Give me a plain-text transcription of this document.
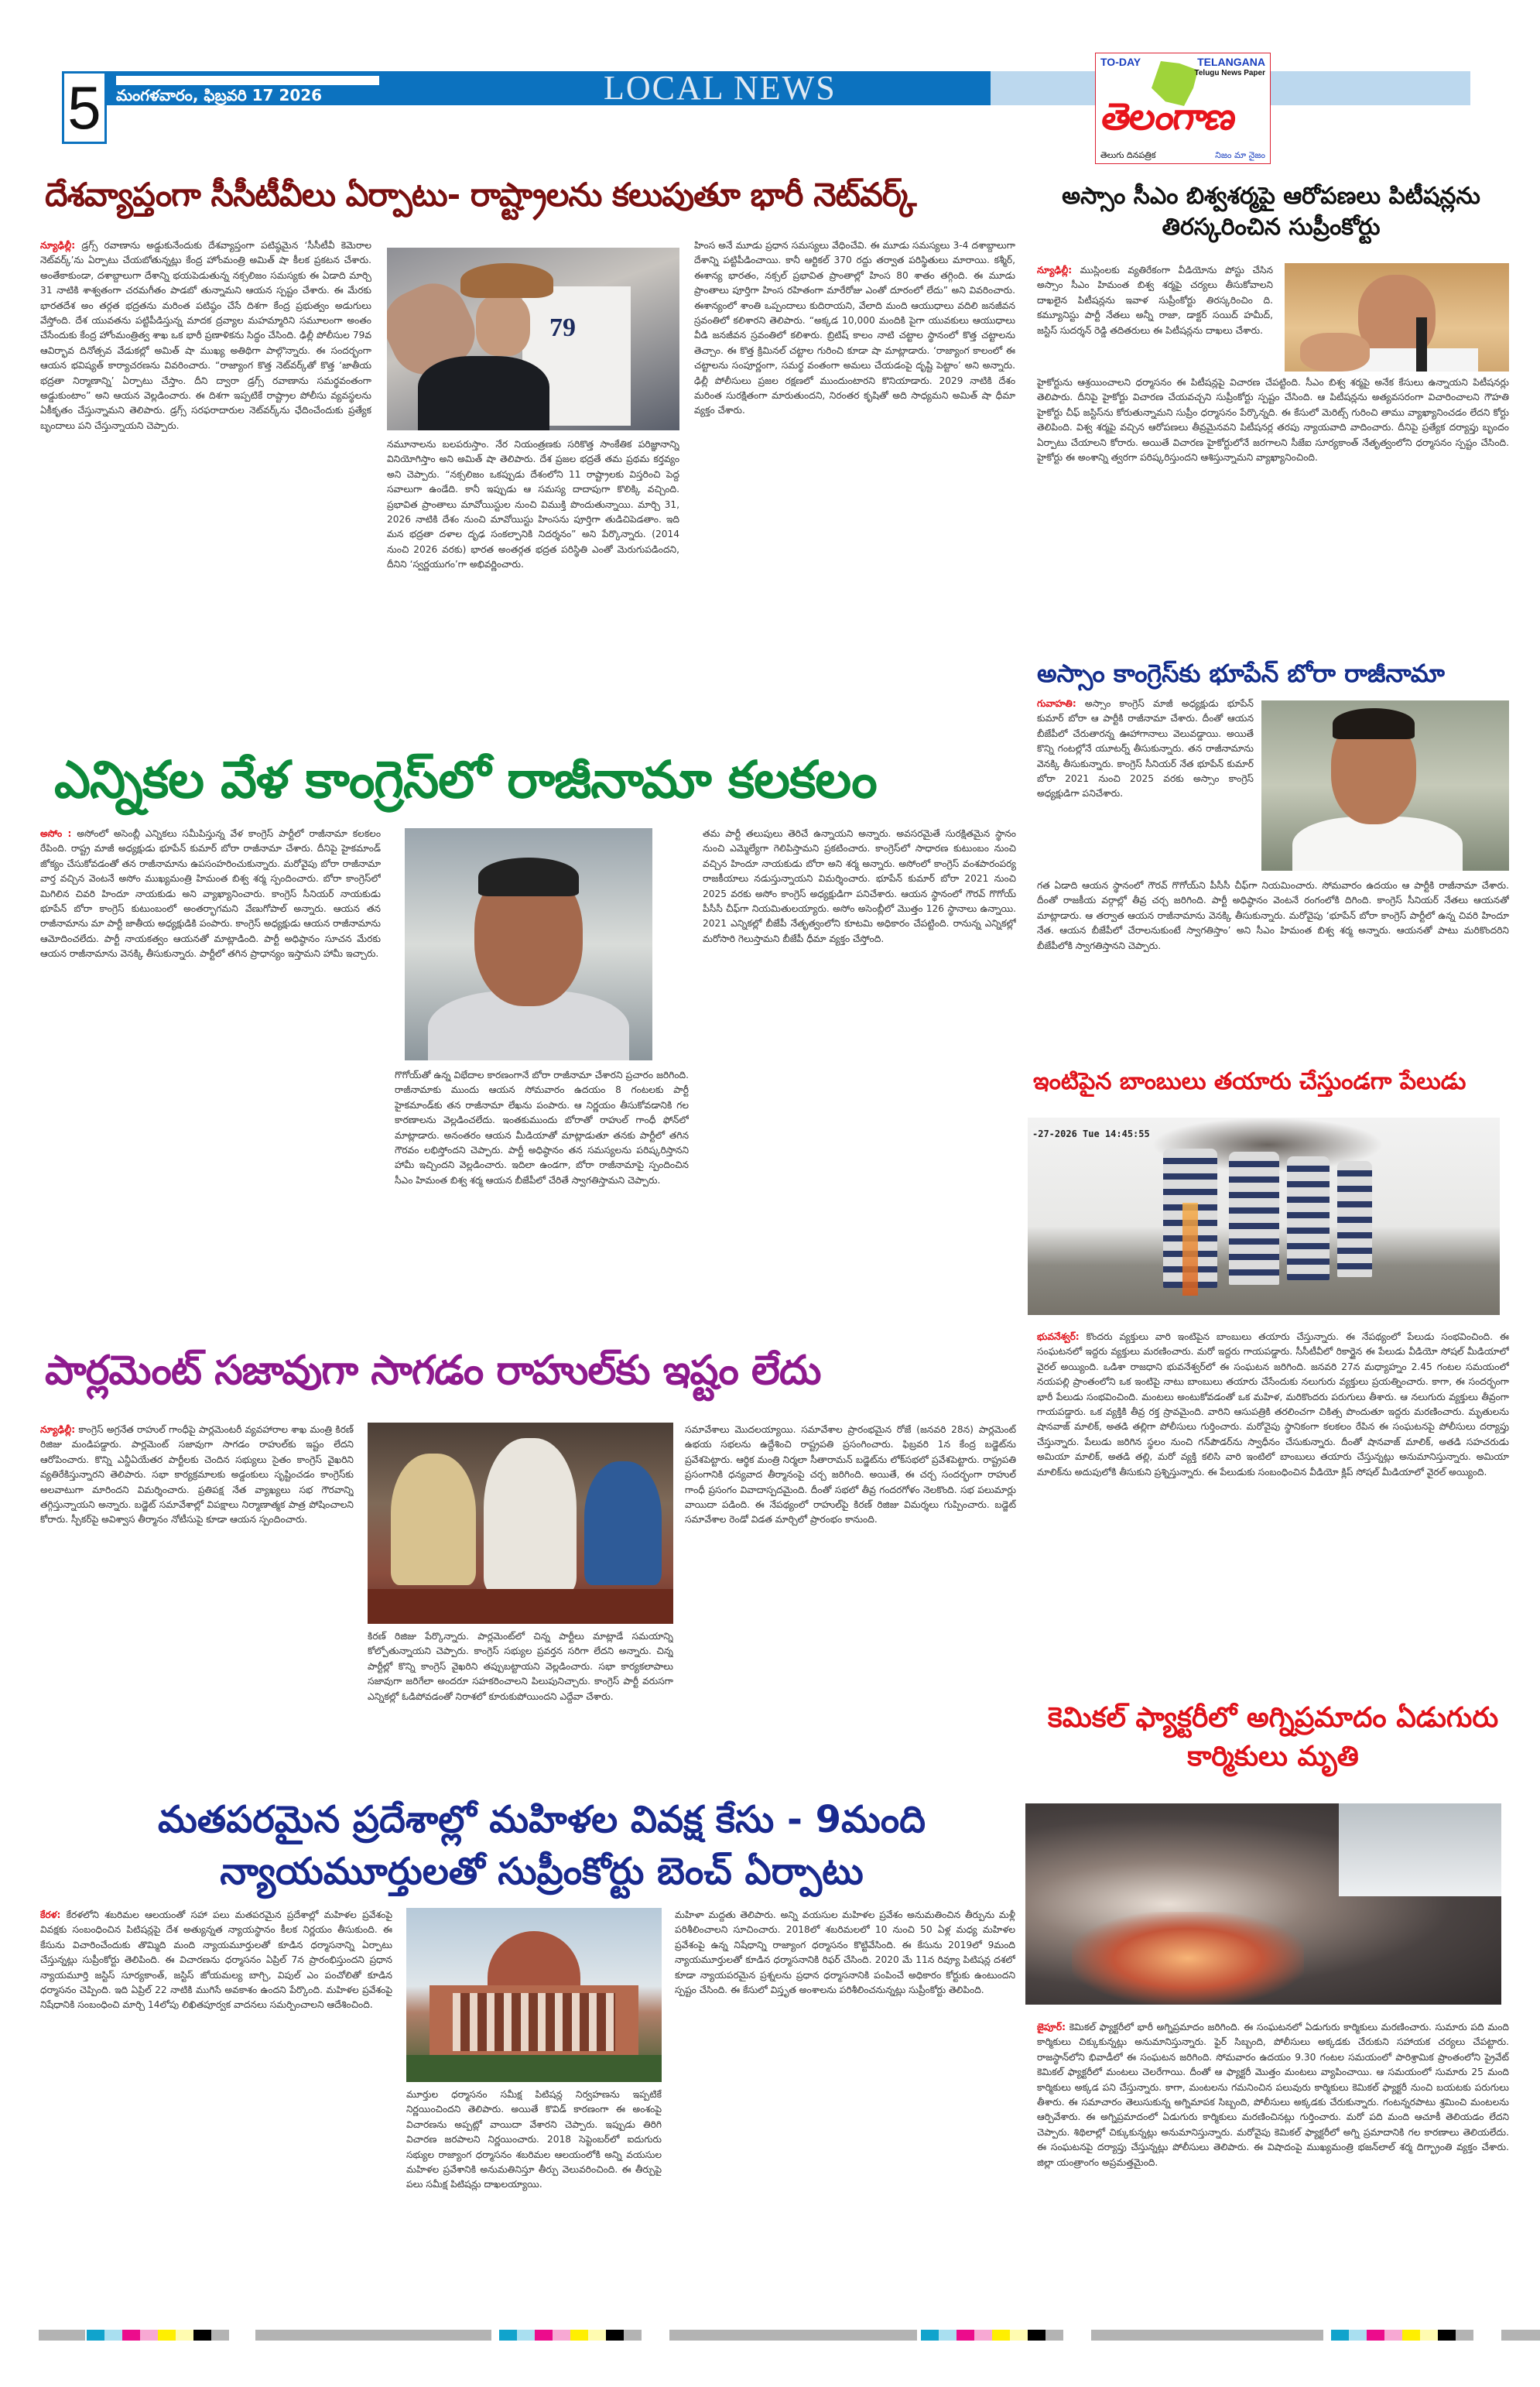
5 మంగళవారం, ఫిబ్రవరి 17 2026	LOCAL NEWS
TO-DAY	TELANGANA
Telugu News Paper
తెలంగాణ
తెలుగు దినపత్రిక	నిజం మా నైజం
దేశవ్యాప్తంగా సీసీటీవీలు ఏర్పాటు- రాష్ట్రాలను కలుపుతూ భారీ నెట్‌వర్క్
న్యూఢిల్లీ: డ్రగ్స్ రవాణాను అడ్డుకునేందుకు దేశవ్యాప్తంగా పటిష్ఠమైన ‘సీసీటీవీ కెమెరాల నెట్‌వర్క్’ను ఏర్పాటు చేయబోతున్నట్లు కేంద్ర హోంమంత్రి అమిత్ షా కీలక ప్రకటన చేశారు. అంతేకాకుండా, దశాబ్దాలుగా దేశాన్ని భయపెడుతున్న నక్సలిజం సమస్యకు ఈ ఏడాది మార్చి 31 నాటికి శాశ్వతంగా చరమగీతం పాడబో తున్నామని ఆయన స్పష్టం చేశారు. ఈ మేరకు భారతదేశ అం తర్గత భద్రతను మరింత పటిష్ఠం చేసే దిశగా కేంద్ర ప్రభుత్వం అడుగులు వేస్తోంది. దేశ యువతను పట్టిపీడిస్తున్న మాదక ద్రవ్యాల మహమ్మారిని సమూలంగా అంతం చేసేందుకు కేంద్ర హోంమంత్రిత్వ శాఖ ఒక భారీ ప్రణాళికను సిద్ధం చేసింది. ఢిల్లీ పోలీసుల 79వ ఆవిర్భావ దినోత్సవ వేడుకల్లో అమిత్ షా ముఖ్య అతిథిగా పాల్గొన్నారు. ఈ సందర్భంగా ఆయన భవిష్యత్ కార్యాచరణను వివరించారు. “రాజ్యాంగ కొత్త నెట్‌వర్క్‌తో కొత్త ‘జాతీయ భద్రతా నిర్మాణాన్ని’ ఏర్పాటు చేస్తాం. దీని ద్వారా డ్రగ్స్ రవాణాను సమర్థవంతంగా అడ్డుకుంటాం” అని ఆయన వెల్లడించారు. ఈ దిశగా ఇప్పటికే రాష్ట్రాల పోలీసు వ్యవస్థలను ఏకీకృతం చేస్తున్నామని తెలిపారు. డ్రగ్స్ సరఫరాదారుల నెట్‌వర్క్‌ను ఛేదించేందుకు ప్రత్యేక బృందాలు పని చేస్తున్నాయని చెప్పారు.
79
నమూనాలను బలపరుస్తాం. నేర నియంత్రణకు సరికొత్త సాంకేతిక పరిజ్ఞానాన్ని వినియోగిస్తాం అని అమిత్ షా తెలిపారు. దేశ ప్రజల భద్రతే తమ ప్రథమ కర్తవ్యం అని చెప్పారు. “నక్సలిజం ఒకప్పుడు దేశంలోని 11 రాష్ట్రాలకు విస్తరించి పెద్ద సవాలుగా ఉండేది. కానీ ఇప్పుడు ఆ సమస్య దాదాపుగా కొలిక్కి వచ్చింది. ప్రభావిత ప్రాంతాలు మావోయిస్టుల నుంచి విముక్తి పొందుతున్నాయి. మార్చి 31, 2026 నాటికి దేశం నుంచి మావోయిస్టు హింసను పూర్తిగా తుడిచిపెడతాం. ఇది మన భద్రతా దళాల దృఢ సంకల్పానికి నిదర్శనం” అని పేర్కొన్నారు. (2014 నుంచి 2026 వరకు) భారత అంతర్గత భద్రత పరిస్థితి ఎంతో మెరుగుపడిందని, దీనిని ‘స్వర్ణయుగం’గా అభివర్ణించారు.
హింస అనే మూడు ప్రధాన సమస్యలు వేధించేవి. ఈ మూడు సమస్యలు 3-4 దశాబ్దాలుగా దేశాన్ని పట్టిపీడించాయి. కానీ ఆర్టికల్ 370 రద్దు తర్వాత పరిస్థితులు మారాయి. కశ్మీర్, ఈశాన్య భారతం, నక్సల్ ప్రభావిత ప్రాంతాల్లో హింస 80 శాతం తగ్గింది. ఈ మూడు ప్రాంతాలు పూర్తిగా హింస రహితంగా మారేరోజు ఎంతో దూరంలో లేదు” అని వివరించారు. ఈశాన్యంలో శాంతి ఒప్పందాలు కుదిరాయని, వేలాది మంది ఆయుధాలు వదిలి జనజీవన స్రవంతిలో కలిశారని తెలిపారు. “అక్కడ 10,000 మందికి పైగా యువకులు ఆయుధాలు వీడి జనజీవన స్రవంతిలో కలిశారు. బ్రిటిష్ కాలం నాటి చట్టాల స్థానంలో కొత్త చట్టాలను తెచ్చాం. ఈ కొత్త క్రిమినల్ చట్టాల గురించి కూడా షా మాట్లాడారు. ‘రాజ్యాంగ కాలంలో ఈ చట్టాలను సంపూర్ణంగా, సమర్థ వంతంగా అమలు చేయడంపై దృష్టి పెట్టాం’ అని అన్నారు. ఢిల్లీ పోలీసులు ప్రజల రక్షణలో ముందుంటారని కొనియాడారు. 2029 నాటికి దేశం మరింత సురక్షితంగా మారుతుందని, నిరంతర కృషితో అది సాధ్యమని అమిత్ షా ధీమా వ్యక్తం చేశారు.
అస్సాం సీఎం బిశ్వశర్మపై ఆరోపణలు పిటీషన్లను తిరస్కరించిన సుప్రీంకోర్టు
న్యూఢిల్లీ: ముస్లింలకు వ్యతిరేకంగా వీడియోను పోస్టు చేసిన అస్సాం సీఎం హిమంత బిశ్వ శర్మపై చర్యలు తీసుకోవాలని దాఖలైన పిటీషన్లను ఇవాళ సుప్రీంకోర్టు తిరస్కరించిం ది. కమ్యూనిస్టు పార్టీ నేతలు అన్నీ రాజా, డాక్టర్ సయిద్ హమీద్, జస్టిస్ సుదర్శన్ రెడ్డి తదితరులు ఈ పిటీషన్లను దాఖలు చేశారు.
హైకోర్టును ఆశ్రయించాలని ధర్మాసనం ఈ పిటీషన్లపై విచారణ చేపట్టింది. సీఎం బిశ్వ శర్మపై అనేక కేసులు ఉన్నాయని పిటీషనర్లు తెలిపారు. దీనిపై హైకోర్టు విచారణ చేయవచ్చని సుప్రీంకోర్టు స్పష్టం చేసింది. ఆ పిటీషన్లను అత్యవసరంగా విచారించాలని గౌహతి హైకోర్టు చీఫ్ జస్టిస్‌ను కోరుతున్నామని సుప్రీం ధర్మాసనం పేర్కొన్నది. ఈ కేసులో మెరిట్స్ గురించి తాము వ్యాఖ్యానించడం లేదని కోర్టు తెలిపింది. విశ్వ శర్మపై వచ్చిన ఆరోపణలు తీవ్రమైనవని పిటీషనర్ల తరపు న్యాయవాది వాదించారు. దీనిపై ప్రత్యేక దర్యాప్తు బృందం ఏర్పాటు చేయాలని కోరారు. అయితే విచారణ హైకోర్టులోనే జరగాలని సీజేఐ సూర్యకాంత్ నేతృత్వంలోని ధర్మాసనం స్పష్టం చేసింది. హైకోర్టు ఈ అంశాన్ని త్వరగా పరిష్కరిస్తుందని ఆశిస్తున్నామని వ్యాఖ్యానించింది.
అస్సాం కాంగ్రెస్‌కు భూపేన్ బోరా రాజీనామా
గువాహతి: అస్సాం కాంగ్రెస్ మాజీ అధ్యక్షుడు భూపేన్ కుమార్ బోరా ఆ పార్టీకి రాజీనామా చేశారు. దీంతో ఆయన బీజేపీలో చేరుతారన్న ఊహాగానాలు వెలువడ్డాయి. అయితే కొన్ని గంటల్లోనే యూటర్న్ తీసుకున్నారు. తన రాజీనామాను వెనక్కి తీసుకున్నారు. కాంగ్రెస్ సీనియర్ నేత భూపేన్ కుమార్ బోరా 2021 నుంచి 2025 వరకు అస్సాం కాంగ్రెస్ అధ్యక్షుడిగా పనిచేశారు.
గత ఏడాది ఆయన స్థానంలో గౌరవ్ గొగోయ్‌ని పీసీసీ చీఫ్‌గా నియమించారు. సోమవారం ఉదయం ఆ పార్టీకి రాజీనామా చేశారు. దీంతో రాజకీయ వర్గాల్లో తీవ్ర చర్చ జరిగింది. పార్టీ అధిష్ఠానం వెంటనే రంగంలోకి దిగింది. కాంగ్రెస్ సీనియర్ నేతలు ఆయనతో మాట్లాడారు. ఆ తర్వాత ఆయన రాజీనామాను వెనక్కి తీసుకున్నారు. మరోవైపు ‘భూపేన్ బోరా కాంగ్రెస్ పార్టీలో ఉన్న చివరి హిందూ నేత. ఆయన బీజేపీలో చేరాలనుకుంటే స్వాగతిస్తాం’ అని సీఎం హిమంత బిశ్వ శర్మ అన్నారు. ఆయనతో పాటు మరికొందరిని బీజేపీలోకి స్వాగతిస్తానని చెప్పారు.
ఎన్నికల వేళ కాంగ్రెస్‌లో రాజీనామా కలకలం
అసోం : అసోంలో అసెంబ్లీ ఎన్నికలు సమీపిస్తున్న వేళ కాంగ్రెస్ పార్టీలో రాజీనామా కలకలం రేపింది. రాష్ట్ర మాజీ అధ్యక్షుడు భూపేన్ కుమార్ బోరా రాజీనామా చేశారు. దీనిపై హైకమాండ్ జోక్యం చేసుకోవడంతో తన రాజీనామాను ఉపసంహరించుకున్నారు. మరోవైపు బోరా రాజీనామా వార్త వచ్చిన వెంటనే అసోం ముఖ్యమంత్రి హిమంత బిశ్వ శర్మ స్పందించారు. బోరా కాంగ్రెస్‌లో మిగిలిన చివరి హిందూ నాయకుడు అని వ్యాఖ్యానించారు. కాంగ్రెస్ సీనియర్ నాయకుడు భూపేన్ బోరా కాంగ్రెస్ కుటుంబంలో అంతర్భాగమని వేణుగోపాల్ అన్నారు. ఆయన తన రాజీనామాను మా పార్టీ జాతీయ అధ్యక్షుడికి పంపారు. కాంగ్రెస్ అధ్యక్షుడు ఆయన రాజీనామాను ఆమోదించలేదు. పార్టీ నాయకత్వం ఆయనతో మాట్లాడింది. పార్టీ అధిష్ఠానం సూచన మేరకు ఆయన రాజీనామాను వెనక్కి తీసుకున్నారు. పార్టీలో తగిన ప్రాధాన్యం ఇస్తామని హామీ ఇచ్చారు.
గొగోయ్‌తో ఉన్న విభేదాల కారణంగానే బోరా రాజీనామా చేశారని ప్రచారం జరిగింది. రాజీనామాకు ముందు ఆయన సోమవారం ఉదయం 8 గంటలకు పార్టీ హైకమాండ్‌కు తన రాజీనామా లేఖను పంపారు. ఆ నిర్ణయం తీసుకోవడానికి గల కారణాలను వెల్లడించలేదు. ఇంతకుముందు బోరాతో రాహుల్ గాంధీ ఫోన్‌లో మాట్లాడారు. అనంతరం ఆయన మీడియాతో మాట్లాడుతూ తనకు పార్టీలో తగిన గౌరవం లభిస్తోందని చెప్పారు. పార్టీ అధిష్ఠానం తన సమస్యలను పరిష్కరిస్తానని హామీ ఇచ్చిందని వెల్లడించారు. ఇదిలా ఉండగా, బోరా రాజీనామాపై స్పందించిన సీఎం హిమంత బిశ్వ శర్మ ఆయన బీజేపీలో చేరితే స్వాగతిస్తామని చెప్పారు.
తమ పార్టీ తలుపులు తెరిచే ఉన్నాయని అన్నారు. అవసరమైతే సురక్షితమైన స్థానం నుంచి ఎమ్మెల్యేగా గెలిపిస్తామని ప్రకటించారు. కాంగ్రెస్‌లో సాధారణ కుటుంబం నుంచి వచ్చిన హిందూ నాయకుడు బోరా అని శర్మ అన్నారు. అసోంలో కాంగ్రెస్ వంశపారంపర్య రాజకీయాలు నడుస్తున్నాయని విమర్శించారు. భూపేన్ కుమార్ బోరా 2021 నుంచి 2025 వరకు అసోం కాంగ్రెస్ అధ్యక్షుడిగా పనిచేశారు. ఆయన స్థానంలో గౌరవ్ గొగోయ్ పీసీసీ చీఫ్‌గా నియమితులయ్యారు. అసోం అసెంబ్లీలో మొత్తం 126 స్థానాలు ఉన్నాయి. 2021 ఎన్నికల్లో బీజేపీ నేతృత్వంలోని కూటమి అధికారం చేపట్టింది. రానున్న ఎన్నికల్లో మరోసారి గెలుస్తామని బీజేపీ ధీమా వ్యక్తం చేస్తోంది.
ఇంటిపైన బాంబులు తయారు చేస్తుండగా పేలుడు
-27-2026 Tue 14:45:55
భువనేశ్వర్: కొందరు వ్యక్తులు వారి ఇంటిపైన బాంబులు తయారు చేస్తున్నారు. ఈ నేపథ్యంలో పేలుడు సంభవించింది. ఈ సంఘటనలో ఇద్దరు వ్యక్తులు మరణించారు. మరో ఇద్దరు గాయపడ్డారు. సీసీటీవీలో రికార్డైన ఈ పేలుడు వీడియో సోషల్ మీడియాలో వైరల్ అయ్యింది. ఒడిశా రాజధాని భువనేశ్వర్‌లో ఈ సంఘటన జరిగింది. జనవరి 27న మధ్యాహ్నం 2.45 గంటల సమయంలో నయపల్లి ప్రాంతంలోని ఒక ఇంటిపై నాటు బాంబులు తయారు చేసేందుకు నలుగురు వ్యక్తులు ప్రయత్నించారు. కాగా, ఈ సందర్భంగా భారీ పేలుడు సంభవించింది. మంటలు అంటుకోవడంతో ఒక మహిళ, మరికొందరు పరుగులు తీశారు. ఆ నలుగురు వ్యక్తులు తీవ్రంగా గాయపడ్డారు. ఒక వ్యక్తికి తీవ్ర రక్త స్రావమైంది. వారిని ఆసుపత్రికి తరలించగా చికిత్స పొందుతూ ఇద్దరు మరణించారు. మృతులను షానవాజ్ మాలిక్, అతడి తల్లిగా పోలీసులు గుర్తించారు. మరోవైపు స్థానికంగా కలకలం రేపిన ఈ సంఘటనపై పోలీసులు దర్యాప్తు చేస్తున్నారు. పేలుడు జరిగిన స్థలం నుంచి గన్‌పౌడర్‌ను స్వాధీనం చేసుకున్నారు. దీంతో షానవాజ్ మాలిక్, అతడి సహచరుడు అమియా మాలిక్, అతడి తల్లి, మరో వ్యక్తి కలిసి వారి ఇంటిలో బాంబులు తయారు చేస్తున్నట్లు అనుమానిస్తున్నారు. అమియా మాలిక్‌ను అదుపులోకి తీసుకుని ప్రశ్నిస్తున్నారు. ఈ పేలుడుకు సంబంధించిన వీడియో క్లిప్ సోషల్ మీడియాలో వైరల్ అయ్యింది.
పార్లమెంట్ సజావుగా సాగడం రాహుల్‌కు ఇష్టం లేదు
న్యూఢిల్లీ: కాంగ్రెస్ అగ్రనేత రాహుల్ గాంధీపై పార్లమెంటరీ వ్యవహారాల శాఖ మంత్రి కిరణ్ రిజిజు మండిపడ్డారు. పార్లమెంట్ సజావుగా సాగడం రాహుల్‌కు ఇష్టం లేదని ఆరోపించారు. కొన్ని ఎన్డీఏయేతర పార్టీలకు చెందిన సభ్యులు సైతం కాంగ్రెస్ వైఖరిని వ్యతిరేకిస్తున్నారని తెలిపారు. సభా కార్యక్రమాలకు అడ్డంకులు సృష్టించడం కాంగ్రెస్‌కు అలవాటుగా మారిందని విమర్శించారు. ప్రతిపక్ష నేత వ్యాఖ్యలు సభ గౌరవాన్ని తగ్గిస్తున్నాయని అన్నారు. బడ్జెట్ సమావేశాల్లో విపక్షాలు నిర్మాణాత్మక పాత్ర పోషించాలని కోరారు. స్పీకర్‌పై అవిశ్వాస తీర్మానం నోటీసుపై కూడా ఆయన స్పందించారు.
కిరణ్ రిజిజు పేర్కొన్నారు. పార్లమెంట్‌లో చిన్న పార్టీలు మాట్లాడే సమయాన్ని కోల్పోతున్నాయని చెప్పారు. కాంగ్రెస్ సభ్యుల ప్రవర్తన సరిగా లేదని అన్నారు. చిన్న పార్టీల్లో కొన్ని కాంగ్రెస్ వైఖరిని తప్పుబట్టాయని వెల్లడించారు. సభా కార్యకలాపాలు సజావుగా జరిగేలా అందరూ సహకరించాలని పిలుపునిచ్చారు. కాంగ్రెస్ పార్టీ వరుసగా ఎన్నికల్లో ఓడిపోవడంతో నిరాశలో కూరుకుపోయిందని ఎద్దేవా చేశారు.
సమావేశాలు మొదలయ్యాయి. సమావేశాల ప్రారంభమైన రోజే (జనవరి 28న) పార్లమెంట్ ఉభయ సభలను ఉద్దేశించి రాష్ట్రపతి ప్రసంగించారు. ఫిబ్రవరి 1న కేంద్ర బడ్జెట్‌ను ప్రవేశపెట్టారు. ఆర్థిక మంత్రి నిర్మలా సీతారామన్ బడ్జెట్‌ను లోక్‌సభలో ప్రవేశపెట్టారు. రాష్ట్రపతి ప్రసంగానికి ధన్యవాద తీర్మానంపై చర్చ జరిగింది. అయితే, ఈ చర్చ సందర్భంగా రాహుల్ గాంధీ ప్రసంగం వివాదాస్పదమైంది. దీంతో సభలో తీవ్ర గందరగోళం నెలకొంది. సభ పలుమార్లు వాయిదా పడింది. ఈ నేపథ్యంలో రాహుల్‌పై కిరణ్ రిజిజు విమర్శలు గుప్పించారు. బడ్జెట్ సమావేశాల రెండో విడత మార్చిలో ప్రారంభం కానుంది.
కెమికల్ ఫ్యాక్టరీలో అగ్నిప్రమాదం ఏడుగురు కార్మికులు మృతి
జైపూర్: కెమికల్ ఫ్యాక్టరీలో భారీ అగ్నిప్రమాదం జరిగింది. ఈ సంఘటనలో ఏడుగురు కార్మికులు మరణించారు. సుమారు పది మంది కార్మికులు చిక్కుకున్నట్లు అనుమానిస్తున్నారు. ఫైర్ సిబ్బంది, పోలీసులు అక్కడకు చేరుకుని సహాయక చర్యలు చేపట్టారు. రాజస్థాన్‌లోని భివాడీలో ఈ సంఘటన జరిగింది. సోమవారం ఉదయం 9.30 గంటల సమయంలో పారిశ్రామిక ప్రాంతంలోని ప్రైవేట్ కెమికల్ ఫ్యాక్టరీలో మంటలు చెలరేగాయి. దీంతో ఆ ఫ్యాక్టరీ మొత్తం మంటలు వ్యాపించాయి. ఆ సమయంలో సుమారు 25 మంది కార్మికులు అక్కడ పని చేస్తున్నారు. కాగా, మంటలను గమనించిన పలువురు కార్మికులు కెమికల్ ఫ్యాక్టరీ నుంచి బయటకు పరుగులు తీశారు. ఈ సమాచారం తెలుసుకున్న అగ్నిమాపక సిబ్బంది, పోలీసులు అక్కడకు చేరుకున్నారు. గంటన్నరపాటు శ్రమించి మంటలను ఆర్పివేశారు. ఈ అగ్నిప్రమాదంలో ఏడుగురు కార్మికులు మరణించినట్లు గుర్తించారు. మరో పది మంది ఆచూకీ తెలియడం లేదని చెప్పారు. శిథిలాల్లో చిక్కుకున్నట్లు అనుమానిస్తున్నారు. మరోవైపు కెమికల్ ఫ్యాక్టరీలో అగ్ని ప్రమాదానికి గల కారణాలు తెలియలేదు. ఈ సంఘటనపై దర్యాప్తు చేస్తున్నట్లు పోలీసులు తెలిపారు. ఈ విషాదంపై ముఖ్యమంత్రి భజన్‌లాల్ శర్మ దిగ్భ్రాంతి వ్యక్తం చేశారు. జిల్లా యంత్రాంగం అప్రమత్తమైంది.
మతపరమైన ప్రదేశాల్లో మహిళల వివక్ష కేసు - 9మంది న్యాయమూర్తులతో సుప్రీంకోర్టు బెంచ్ ఏర్పాటు
కేరళ: కేరళలోని శబరిమల ఆలయంతో సహా పలు మతపరమైన ప్రదేశాల్లో మహిళల ప్రవేశంపై వివక్షకు సంబంధించిన పిటిషన్లపై దేశ అత్యున్నత న్యాయస్థానం కీలక నిర్ణయం తీసుకుంది. ఈ కేసును విచారించేందుకు తొమ్మిది మంది న్యాయమూర్తులతో కూడిన ధర్మాసనాన్ని ఏర్పాటు చేస్తున్నట్లు సుప్రీంకోర్టు తెలిపింది. ఈ విచారణను ధర్మాసనం ఏప్రిల్ 7న ప్రారంభిస్తుందని ప్రధాన న్యాయమూర్తి జస్టిస్ సూర్యకాంత్, జస్టిస్ జోయమల్య బాగ్చి, విపుల్ ఎం పంచోలితో కూడిన ధర్మాసనం చెప్పింది. ఇది ఏప్రిల్ 22 నాటికి ముగిసే అవకాశం ఉందని పేర్కొంది. మహిళల ప్రవేశంపై నిషేధానికి సంబంధించి మార్చి 14లోపు లిఖితపూర్వక వాదనలు సమర్పించాలని ఆదేశించింది.
మూర్తుల ధర్మాసనం సమీక్ష పిటిషన్ల నిర్వహణను ఇప్పటికే నిర్ణయించిందని తెలిపారు. అయితే కొవిడ్ కారణంగా ఈ అంశంపై విచారణను అప్పట్లో వాయిదా వేశారని చెప్పారు. ఇప్పుడు తిరిగి విచారణ జరపాలని నిర్ణయించారు. 2018 సెప్టెంబర్‌లో ఐదుగురు సభ్యుల రాజ్యాంగ ధర్మాసనం శబరిమల ఆలయంలోకి అన్ని వయసుల మహిళల ప్రవేశానికి అనుమతినిస్తూ తీర్పు వెలువరించింది. ఈ తీర్పుపై పలు సమీక్ష పిటిషన్లు దాఖలయ్యాయి.
మహిళా మద్దతు తెలిపారు. అన్ని వయసుల మహిళల ప్రవేశం అనుమతించిన తీర్పును మళ్లీ పరిశీలించాలని సూచించారు. 2018లో శబరిమలలో 10 నుంచి 50 ఏళ్ల మధ్య మహిళల ప్రవేశంపై ఉన్న నిషేధాన్ని రాజ్యాంగ ధర్మాసనం కొట్టివేసింది. ఈ కేసును 2019లో 9మంది న్యాయమూర్తులతో కూడిన ధర్మాసనానికి రిఫర్ చేసింది. 2020 మే 11న రివ్యూ పిటిషన్ల దశలో కూడా న్యాయపరమైన ప్రశ్నలను ప్రధాన ధర్మాసనానికి పంపించే అధికారం కోర్టుకు ఉంటుందని స్పష్టం చేసింది. ఈ కేసులో విస్తృత అంశాలను పరిశీలించనున్నట్లు సుప్రీంకోర్టు తెలిపింది.
